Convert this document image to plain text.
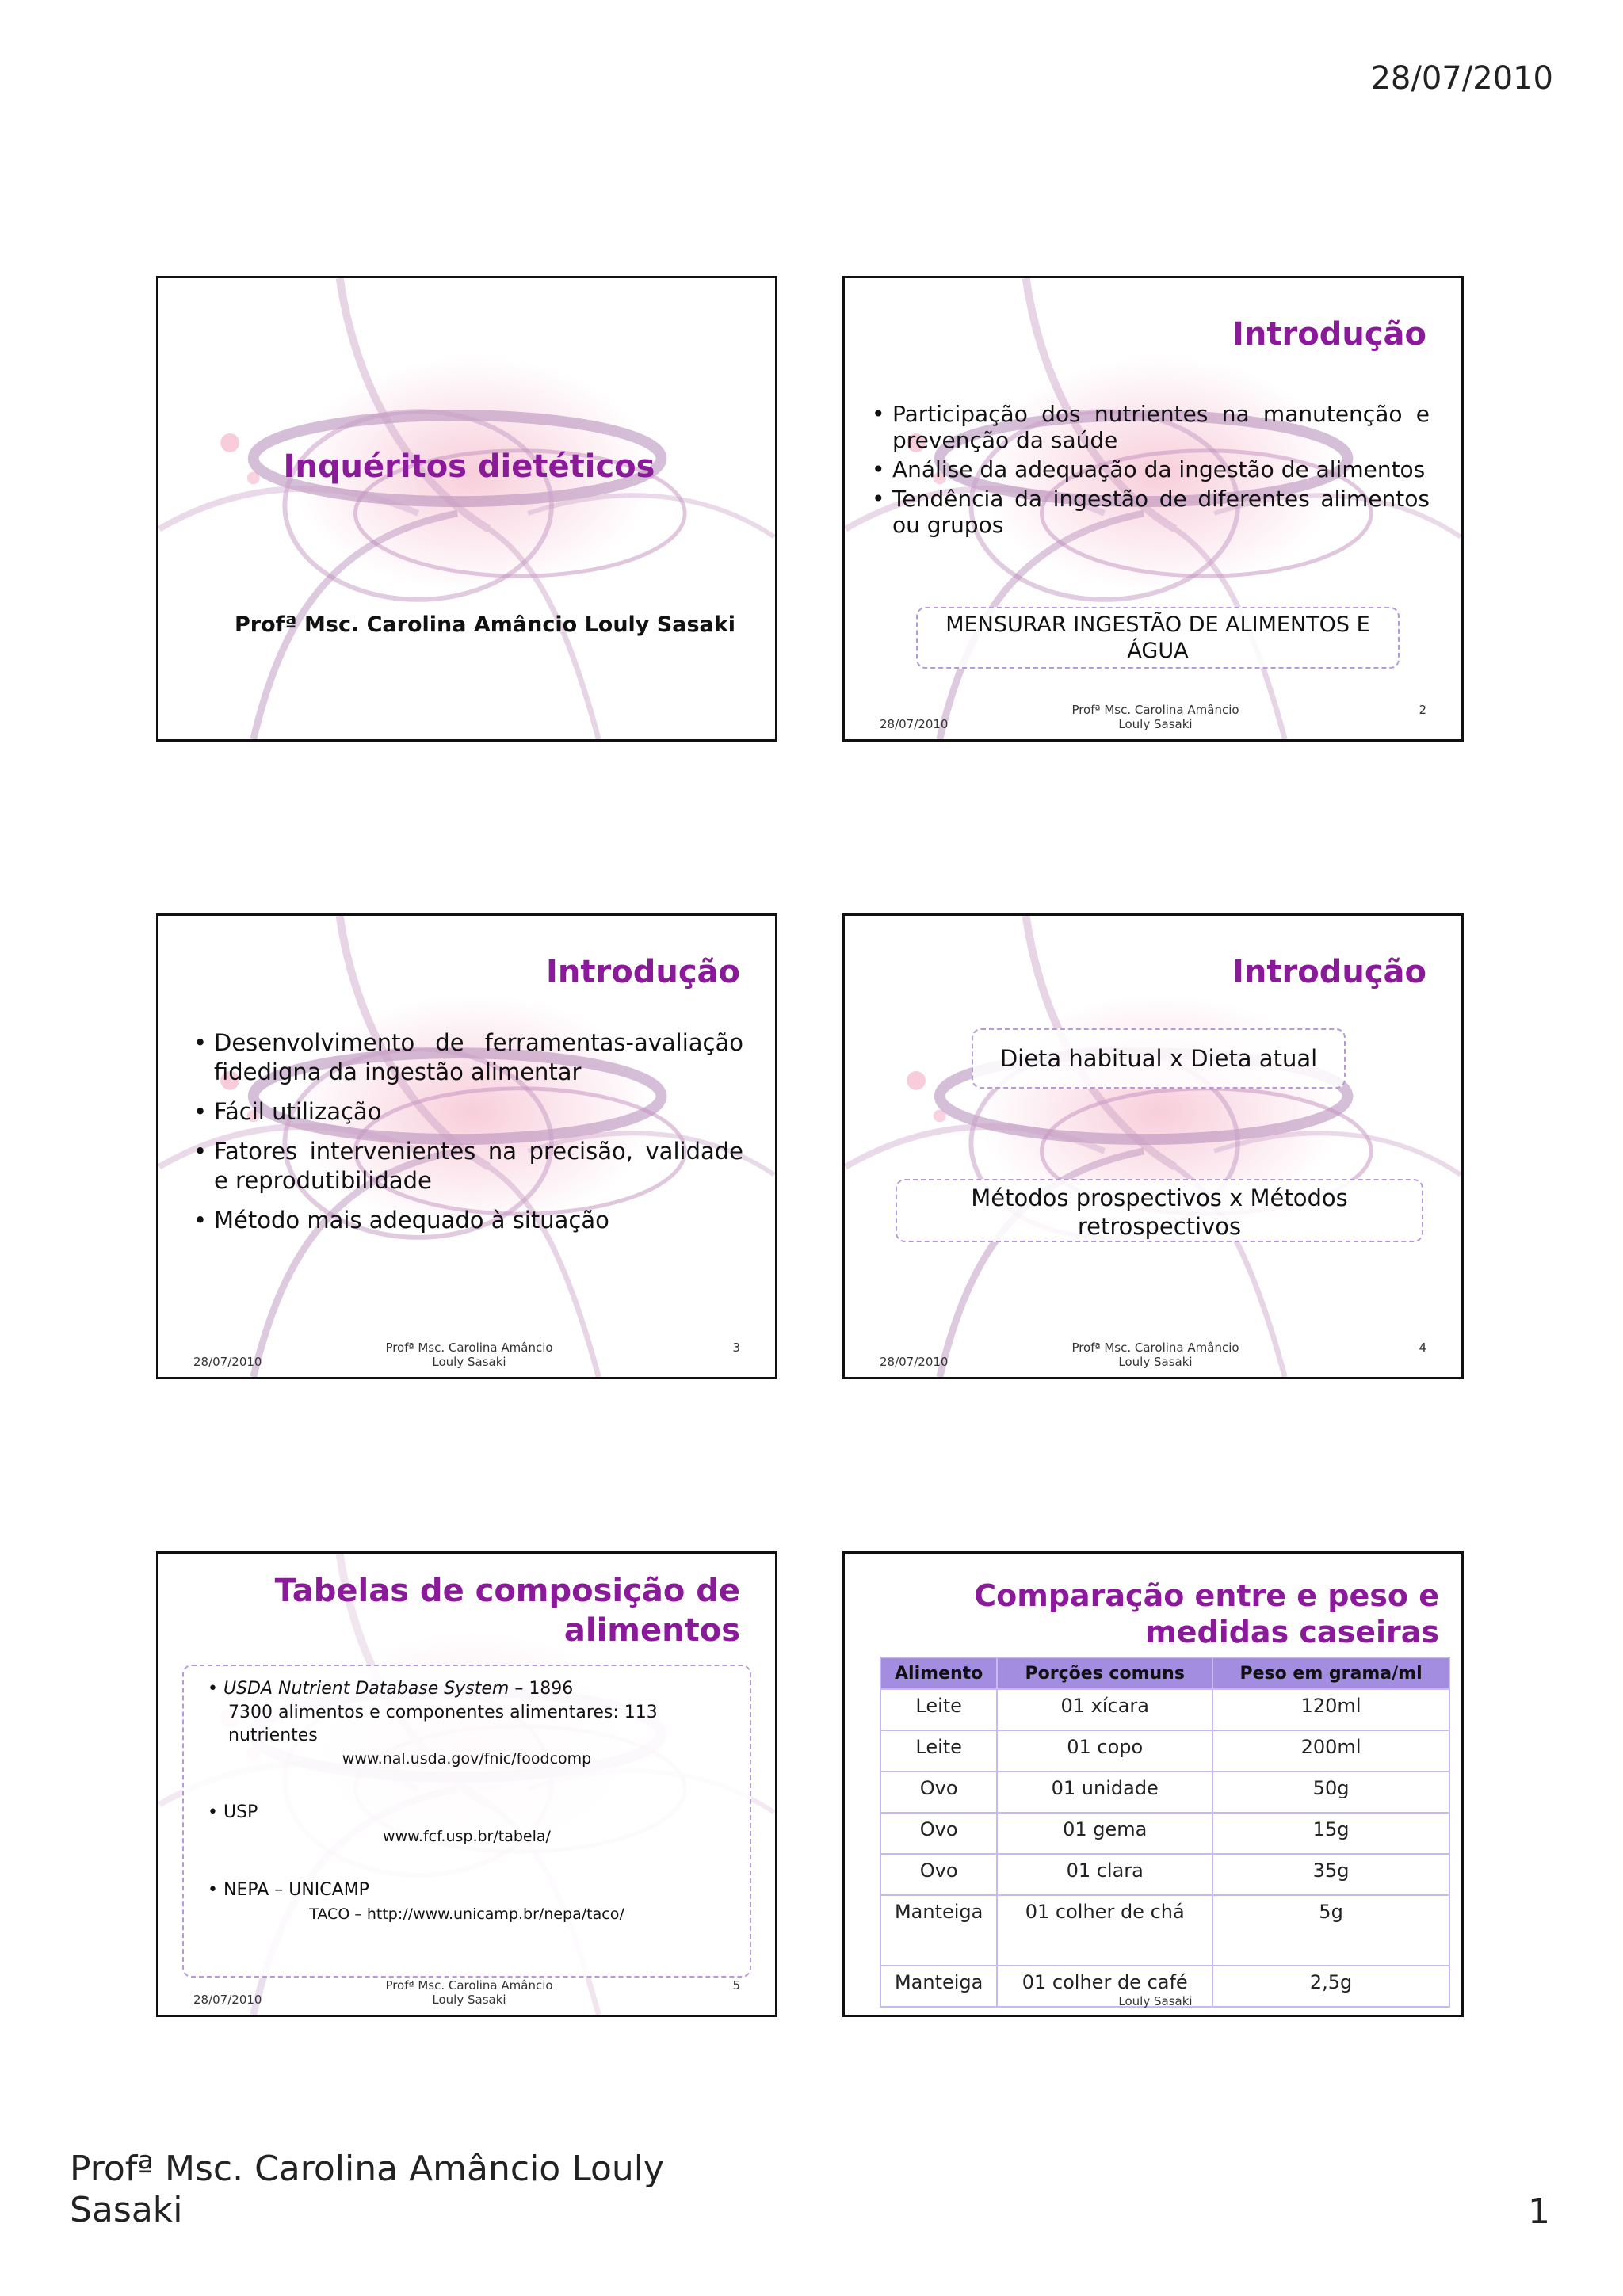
28/07/2010
Inquéritos dietéticos
Profª Msc. Carolina Amâncio Louly Sasaki
Introdução
• Participação dos nutrientes na manutenção e prevenção da saúde
• Análise da adequação da ingestão de alimentos
• Tendência da ingestão de diferentes alimentos ou grupos
MENSURAR INGESTÃO DE ALIMENTOS E ÁGUA
28/07/2010
Profª Msc. Carolina Amâncio
Louly Sasaki
2
Introdução
• Desenvolvimento de ferramentas-avaliação fidedigna da ingestão alimentar
• Fácil utilização
• Fatores intervenientes na precisão, validade e reprodutibilidade
• Método mais adequado à situação
28/07/2010
Profª Msc. Carolina Amâncio
Louly Sasaki
3
Introdução
Dieta habitual x Dieta atual
Métodos prospectivos x Métodos retrospectivos
28/07/2010
Profª Msc. Carolina Amâncio
Louly Sasaki
4
Tabelas de composição de alimentos
• USDA Nutrient Database System – 1896
7300 alimentos e componentes alimentares: 113 nutrientes
www.nal.usda.gov/fnic/foodcomp
• USP
www.fcf.usp.br/tabela/
• NEPA – UNICAMP
TACO – http://www.unicamp.br/nepa/taco/
28/07/2010
Profª Msc. Carolina Amâncio
Louly Sasaki
5
Comparação entre e peso e medidas caseiras
Alimento	Porções comuns	Peso em grama/ml
Leite	01 xícara	120ml
Leite	01 copo	200ml
Ovo	01 unidade	50g
Ovo	01 gema	15g
Ovo	01 clara	35g
Manteiga	01 colher de chá	5g
Manteiga	01 colher de café	2,5g
Louly Sasaki
Profª Msc. Carolina Amâncio Louly Sasaki	1
